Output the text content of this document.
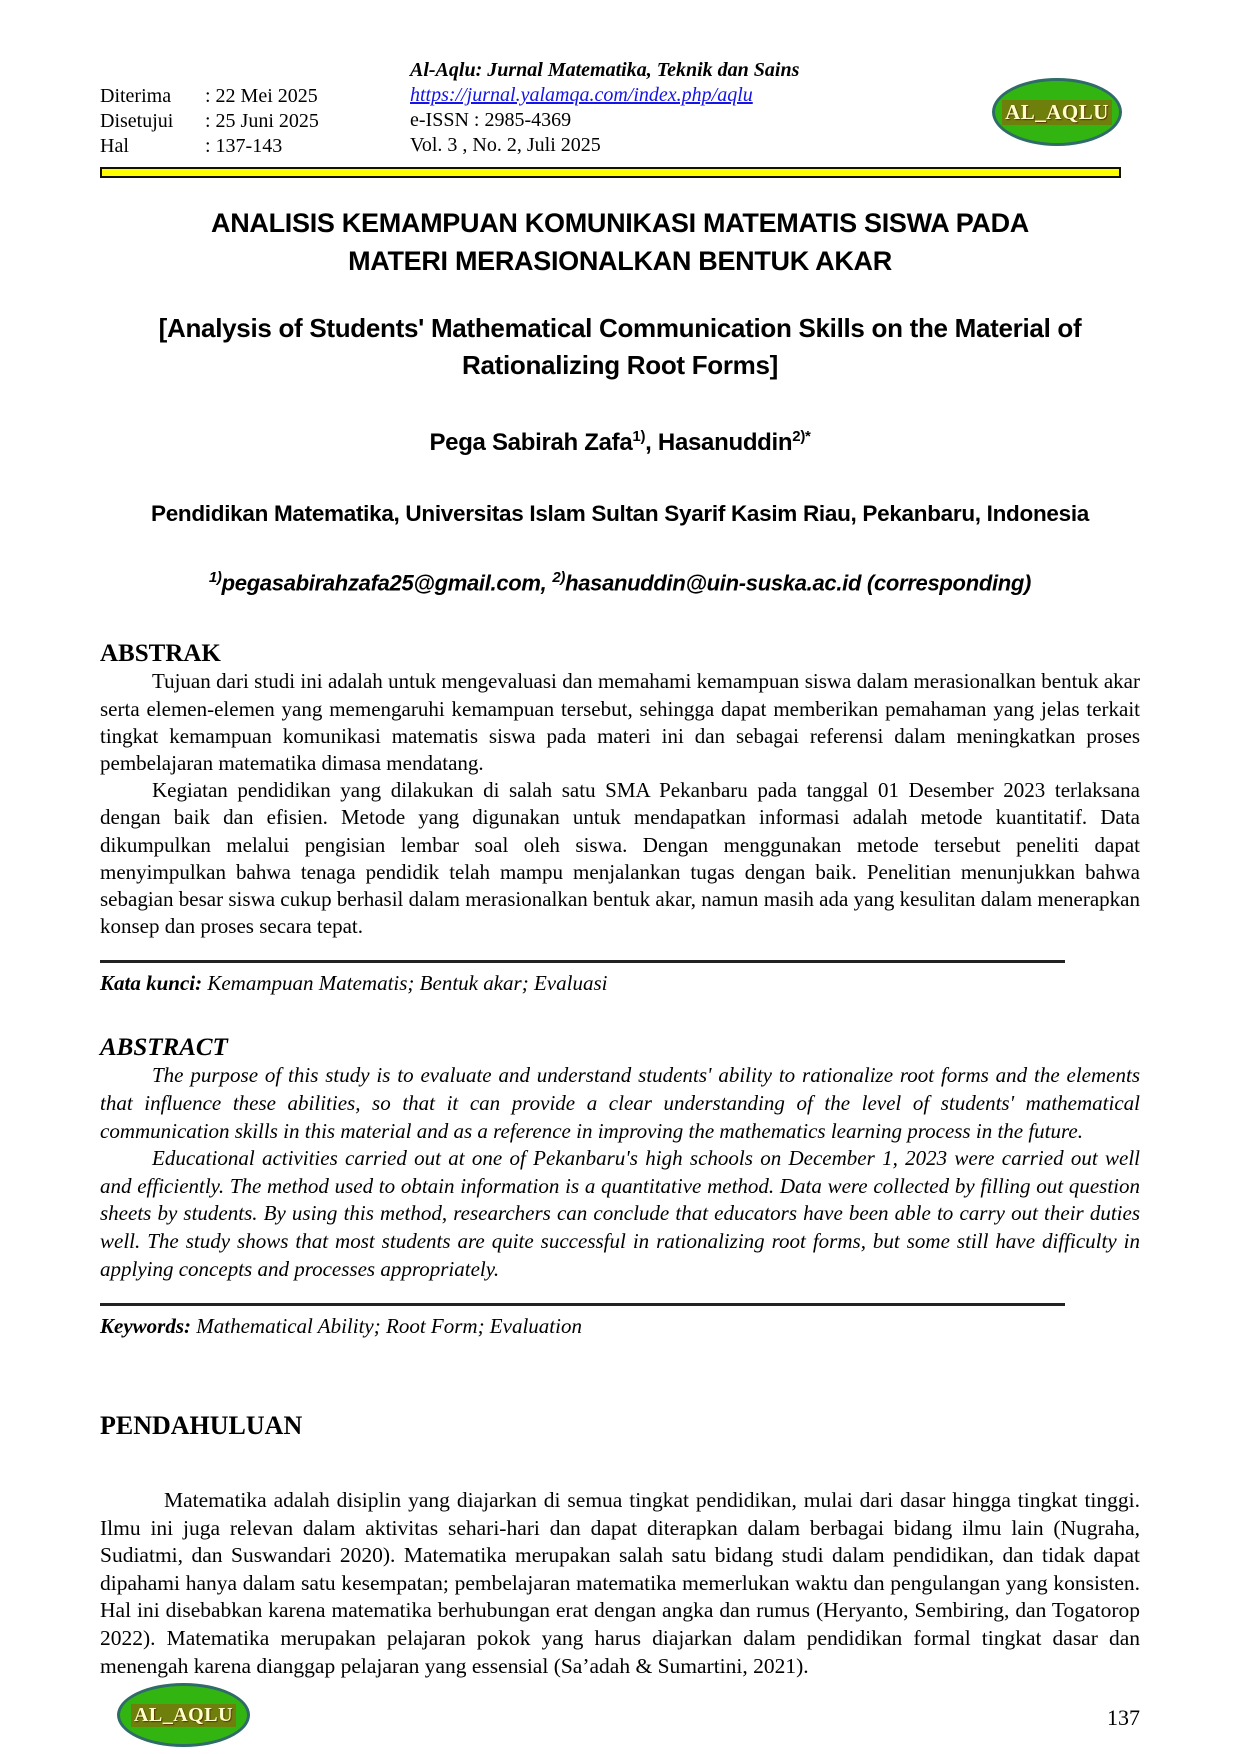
Diterima	: 22 Mei 2025
Disetujui	: 25 Juni 2025
Hal	: 137-143
Al-Aqlu: Jurnal Matematika, Teknik dan Sains
https://jurnal.yalamqa.com/index.php/aqlu
e-ISSN : 2985-4369
Vol. 3 , No. 2, Juli 2025
AL_AQLU
ANALISIS KEMAMPUAN KOMUNIKASI MATEMATIS SISWA PADA MATERI MERASIONALKAN BENTUK AKAR
[Analysis of Students' Mathematical Communication Skills on the Material of Rationalizing Root Forms]
Pega Sabirah Zafa$^{1)}$, Hasanuddin$^{2)*}$
Pendidikan Matematika, Universitas Islam Sultan Syarif Kasim Riau, Pekanbaru, Indonesia
$^{1)}$pegasabirahzafa25@gmail.com, $^{2)}$hasanuddin@uin-suska.ac.id (corresponding)
ABSTRAK

Tujuan dari studi ini adalah untuk mengevaluasi dan memahami kemampuan siswa dalam merasionalkan bentuk akar serta elemen-elemen yang memengaruhi kemampuan tersebut, sehingga dapat memberikan pemahaman yang jelas terkait tingkat kemampuan komunikasi matematis siswa pada materi ini dan sebagai referensi dalam meningkatkan proses pembelajaran matematika dimasa mendatang.

Kegiatan pendidikan yang dilakukan di salah satu SMA Pekanbaru pada tanggal 01 Desember 2023 terlaksana dengan baik dan efisien. Metode yang digunakan untuk mendapatkan informasi adalah metode kuantitatif. Data dikumpulkan melalui pengisian lembar soal oleh siswa. Dengan menggunakan metode tersebut peneliti dapat menyimpulkan bahwa tenaga pendidik telah mampu menjalankan tugas dengan baik. Penelitian menunjukkan bahwa sebagian besar siswa cukup berhasil dalam merasionalkan bentuk akar, namun masih ada yang kesulitan dalam menerapkan konsep dan proses secara tepat.

Kata kunci: Kemampuan Matematis; Bentuk akar; Evaluasi
ABSTRACT

The purpose of this study is to evaluate and understand students' ability to rationalize root forms and the elements that influence these abilities, so that it can provide a clear understanding of the level of students' mathematical communication skills in this material and as a reference in improving the mathematics learning process in the future.

Educational activities carried out at one of Pekanbaru's high schools on December 1, 2023 were carried out well and efficiently. The method used to obtain information is a quantitative method. Data were collected by filling out question sheets by students. By using this method, researchers can conclude that educators have been able to carry out their duties well. The study shows that most students are quite successful in rationalizing root forms, but some still have difficulty in applying concepts and processes appropriately.

Keywords: Mathematical Ability; Root Form; Evaluation
PENDAHULUAN

Matematika adalah disiplin yang diajarkan di semua tingkat pendidikan, mulai dari dasar hingga tingkat tinggi. Ilmu ini juga relevan dalam aktivitas sehari-hari dan dapat diterapkan dalam berbagai bidang ilmu lain (Nugraha, Sudiatmi, dan Suswandari 2020). Matematika merupakan salah satu bidang studi dalam pendidikan, dan tidak dapat dipahami hanya dalam satu kesempatan; pembelajaran matematika memerlukan waktu dan pengulangan yang konsisten. Hal ini disebabkan karena matematika berhubungan erat dengan angka dan rumus (Heryanto, Sembiring, dan Togatorop 2022). Matematika merupakan pelajaran pokok yang harus diajarkan dalam pendidikan formal tingkat dasar dan menengah karena dianggap pelajaran yang essensial (Sa’adah & Sumartini, 2021).

AL_AQLU	137
